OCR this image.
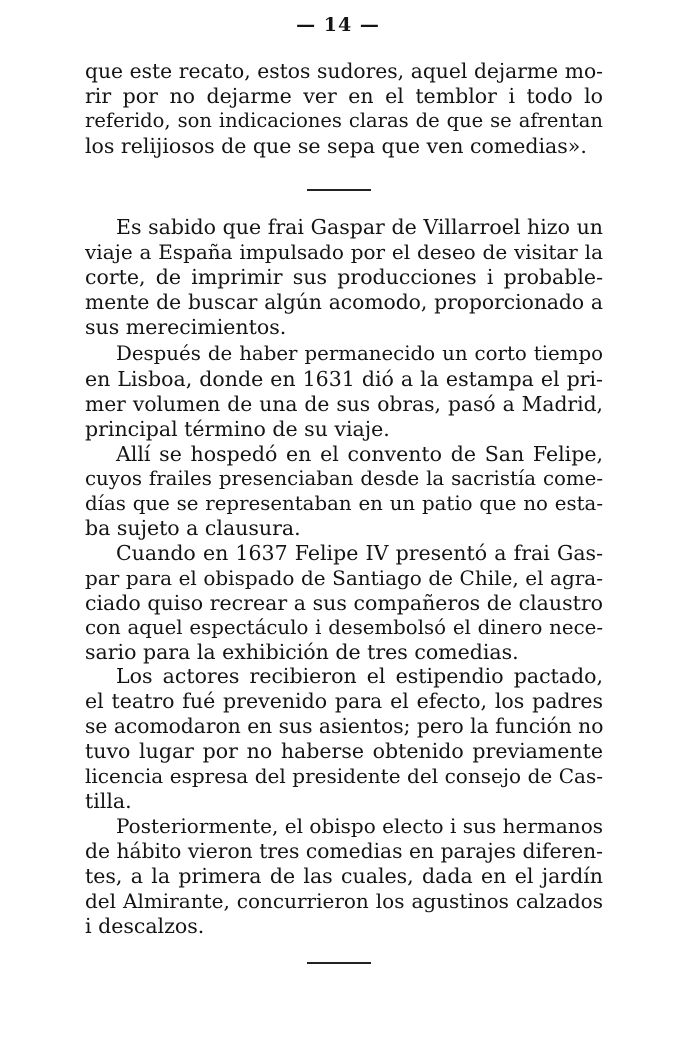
— 14 —
que este recato, estos sudores, aquel dejarme mo-
rir por no dejarme ver en el temblor i todo lo
referido, son indicaciones claras de que se afrentan
los relijiosos de que se sepa que ven comedias».
Es sabido que frai Gaspar de Villarroel hizo un
viaje a España impulsado por el deseo de visitar la
corte, de imprimir sus producciones i probable-
mente de buscar algún acomodo, proporcionado a
sus merecimientos.
Después de haber permanecido un corto tiempo
en Lisboa, donde en 1631 dió a la estampa el pri-
mer volumen de una de sus obras, pasó a Madrid,
principal término de su viaje.
Allí se hospedó en el convento de San Felipe,
cuyos frailes presenciaban desde la sacristía come-
días que se representaban en un patio que no esta-
ba sujeto a clausura.
Cuando en 1637 Felipe IV presentó a frai Gas-
par para el obispado de Santiago de Chile, el agra-
ciado quiso recrear a sus compañeros de claustro
con aquel espectáculo i desembolsó el dinero nece-
sario para la exhibición de tres comedias.
Los actores recibieron el estipendio pactado,
el teatro fué prevenido para el efecto, los padres
se acomodaron en sus asientos; pero la función no
tuvo lugar por no haberse obtenido previamente
licencia espresa del presidente del consejo de Cas-
tilla.
Posteriormente, el obispo electo i sus hermanos
de hábito vieron tres comedias en parajes diferen-
tes, a la primera de las cuales, dada en el jardín
del Almirante, concurrieron los agustinos calzados
i descalzos.
